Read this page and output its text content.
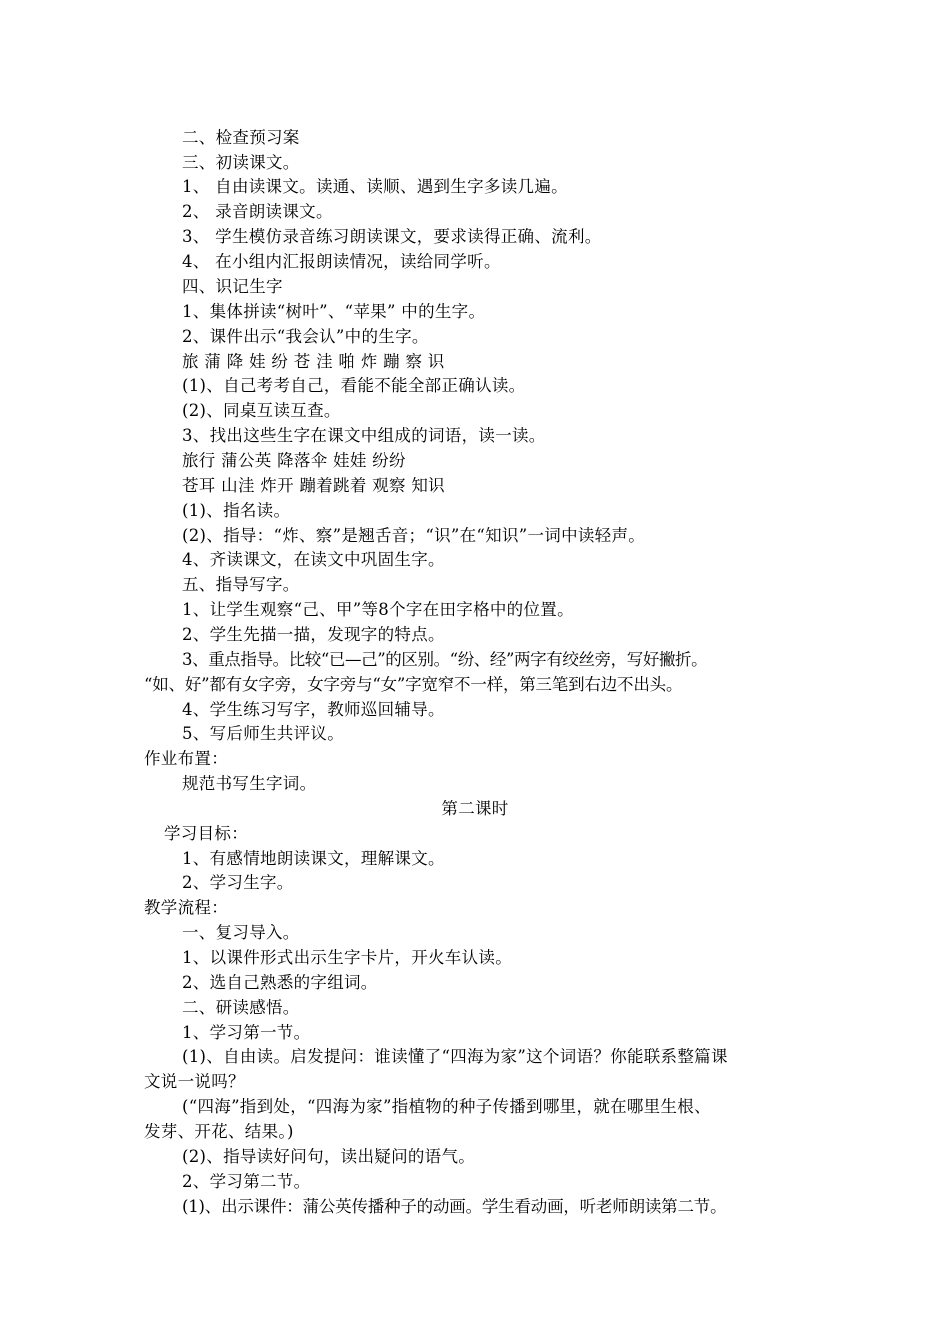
二、检查预习案
三、初读课文。
1、 自由读课文。读通、读顺、遇到生字多读几遍。
2、 录音朗读课文。
3、 学生模仿录音练习朗读课文，要求读得正确、流利。
4、 在小组内汇报朗读情况，读给同学听。
四、识记生字
1、集体拼读“树叶”、“苹果” 中的生字。
2、课件出示“我会认”中的生字。
旅 蒲 降 娃 纷 苍 洼 啪 炸 蹦 察 识
(1)、自己考考自己，看能不能全部正确认读。
(2)、同桌互读互查。
3、找出这些生字在课文中组成的词语，读一读。
旅行 蒲公英 降落伞 娃娃 纷纷
苍耳 山洼 炸开 蹦着跳着 观察 知识
(1)、指名读。
(2)、指导：“炸、察”是翘舌音；“识”在“知识”一词中读轻声。
4、齐读课文，在读文中巩固生字。
五、指导写字。
1、让学生观察“己、甲”等8个字在田字格中的位置。
2、学生先描一描，发现字的特点。
3、重点指导。比较“已—己”的区别。“纷、经”两字有绞丝旁，写好撇折。
“如、好”都有女字旁，女字旁与“女”字宽窄不一样，第三笔到右边不出头。
4、学生练习写字，教师巡回辅导。
5、写后师生共评议。
作业布置：
规范书写生字词。
第二课时
学习目标：
1、有感情地朗读课文，理解课文。
2、学习生字。
教学流程：
一、复习导入。
1、以课件形式出示生字卡片，开火车认读。
2、选自己熟悉的字组词。
二、研读感悟。
1、学习第一节。
(1)、自由读。启发提问：谁读懂了“四海为家”这个词语？你能联系整篇课
文说一说吗？
(“四海”指到处，“四海为家”指植物的种子传播到哪里，就在哪里生根、
发芽、开花、结果。)
(2)、指导读好问句，读出疑问的语气。
2、学习第二节。
(1)、出示课件：蒲公英传播种子的动画。学生看动画，听老师朗读第二节。
